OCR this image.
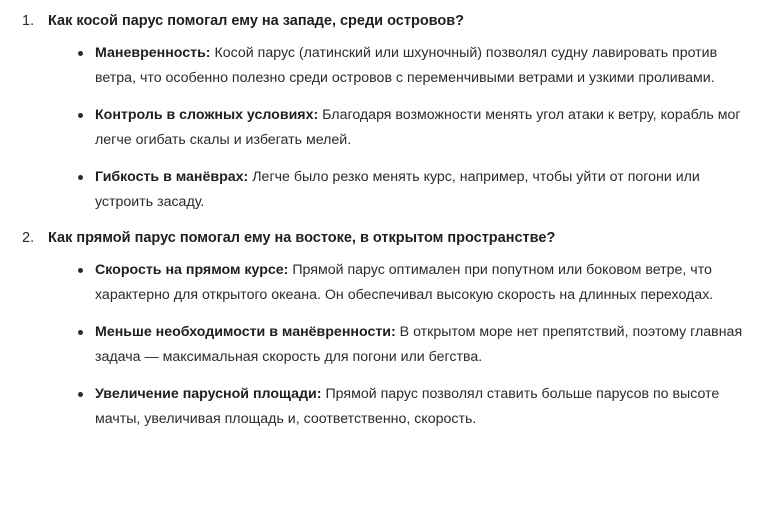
1. Как косой парус помогал ему на западе, среди островов?
Маневренность: Косой парус (латинский или шхуночный) позволял судну лавировать против ветра, что особенно полезно среди островов с переменчивыми ветрами и узкими проливами.
Контроль в сложных условиях: Благодаря возможности менять угол атаки к ветру, корабль мог легче огибать скалы и избегать мелей.
Гибкость в манёврах: Легче было резко менять курс, например, чтобы уйти от погони или устроить засаду.
2. Как прямой парус помогал ему на востоке, в открытом пространстве?
Скорость на прямом курсе: Прямой парус оптимален при попутном или боковом ветре, что характерно для открытого океана. Он обеспечивал высокую скорость на длинных переходах.
Меньше необходимости в манёвренности: В открытом море нет препятствий, поэтому главная задача — максимальная скорость для погони или бегства.
Увеличение парусной площади: Прямой парус позволял ставить больше парусов по высоте мачты, увеличивая площадь и, соответственно, скорость.
